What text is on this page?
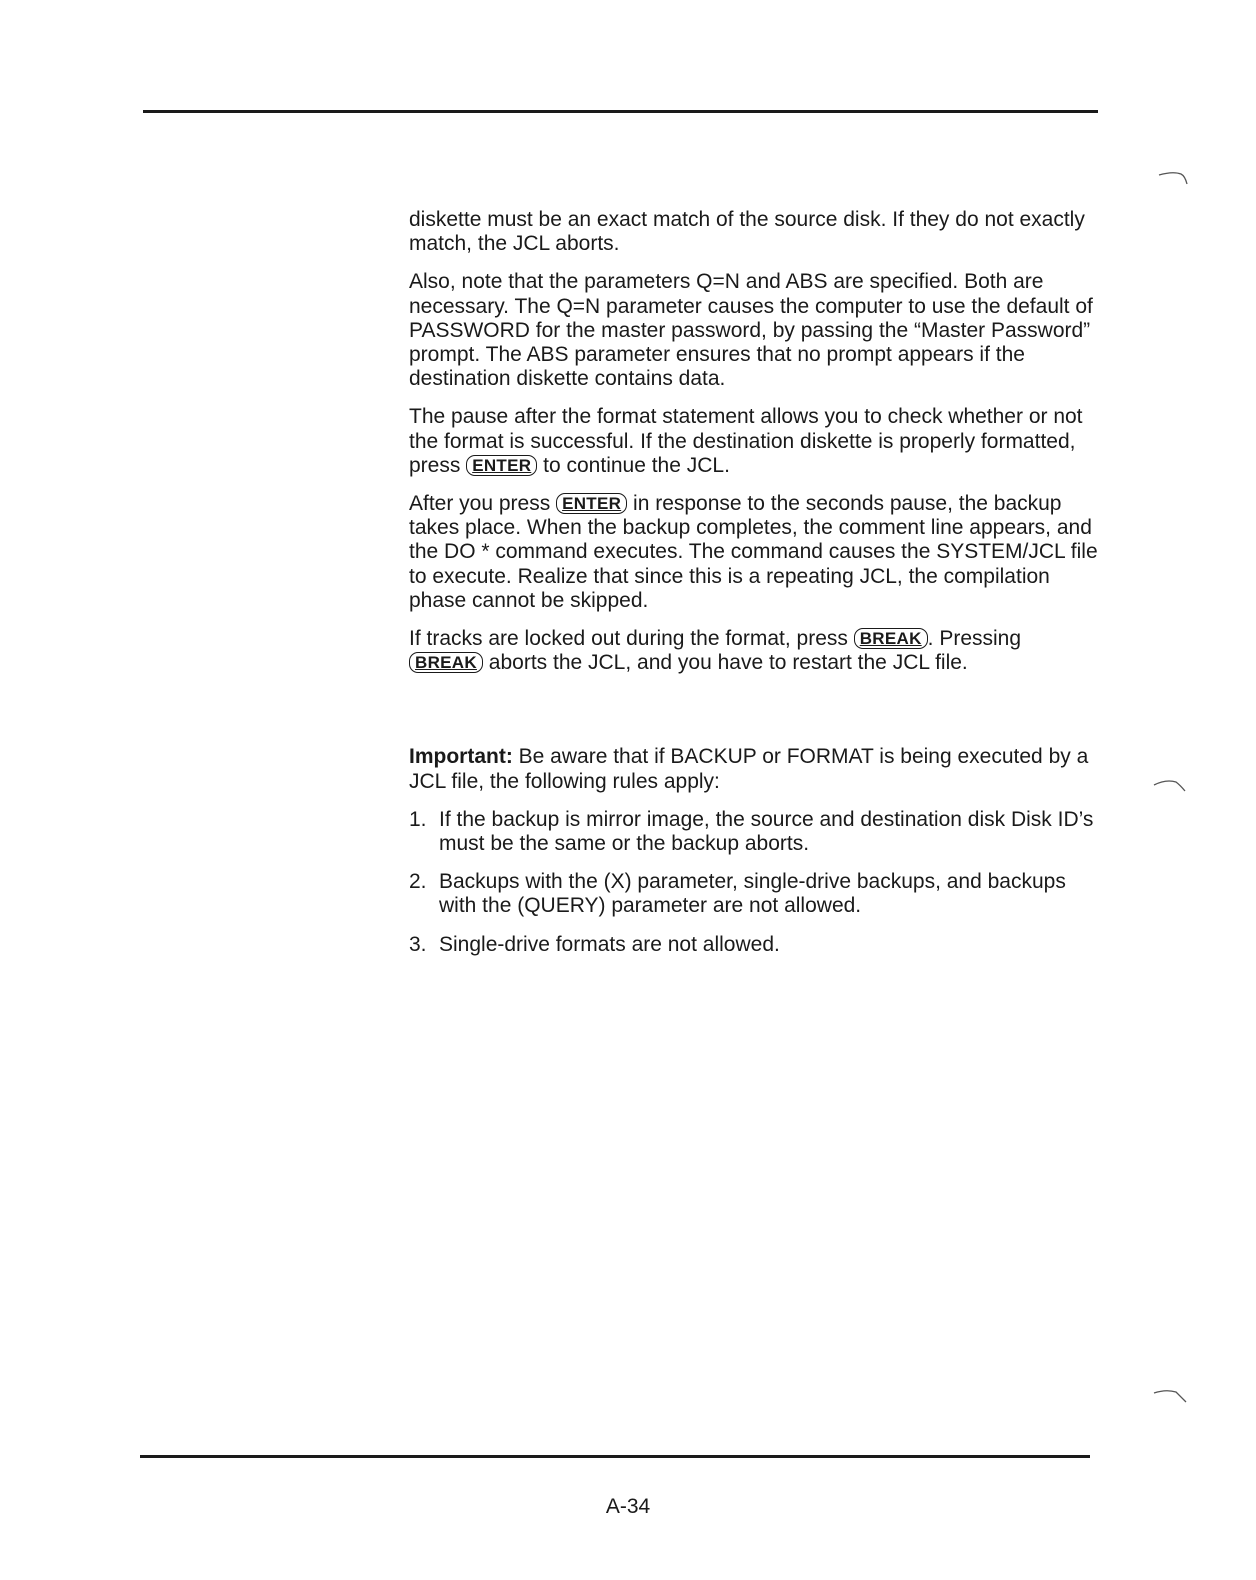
diskette must be an exact match of the source disk. If they do not exactly match, the JCL aborts.

Also, note that the parameters Q=N and ABS are specified. Both are necessary. The Q=N parameter causes the computer to use the default of PASSWORD for the master password, by passing the “Master Password” prompt. The ABS parameter ensures that no prompt appears if the destination diskette contains data.

The pause after the format statement allows you to check whether or not the format is successful. If the destination diskette is properly formatted, press ENTER to continue the JCL.

After you press ENTER in response to the seconds pause, the backup takes place. When the backup completes, the comment line appears, and the DO * command executes. The command causes the SYSTEM/JCL file to execute. Realize that since this is a repeating JCL, the compilation phase cannot be skipped.

If tracks are locked out during the format, press BREAK . Pressing BREAK aborts the JCL, and you have to restart the JCL file.

Important: Be aware that if BACKUP or FORMAT is being executed by a JCL file, the following rules apply:

1. If the backup is mirror image, the source and destination disk Disk ID’s must be the same or the backup aborts.
2. Backups with the (X) parameter, single-drive backups, and backups with the (QUERY) parameter are not allowed.
3. Single-drive formats are not allowed.
A-34
